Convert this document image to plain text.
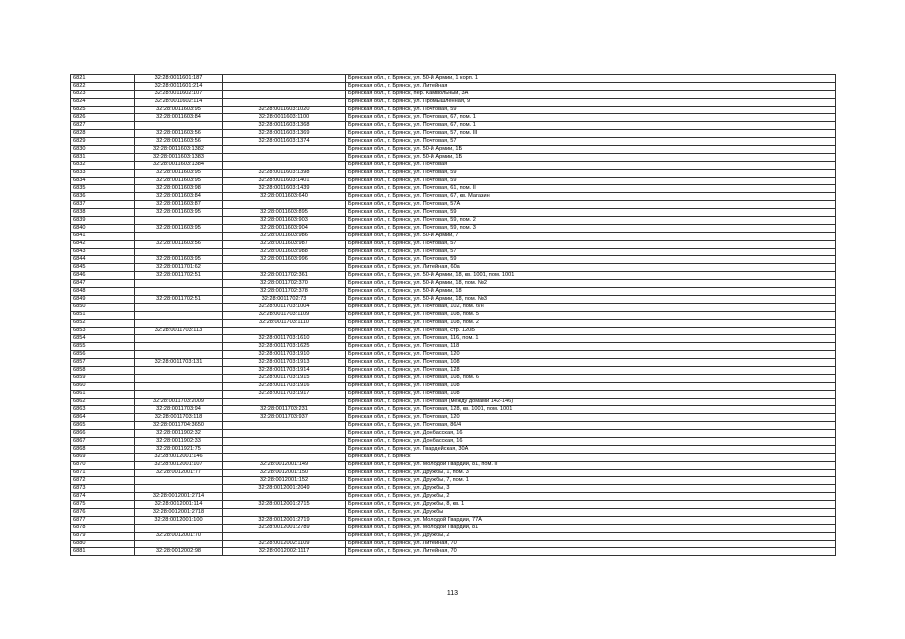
6821	32:28:0011601:187		Брянская обл., г. Брянск, ул. 50-й Армии, 1 корп. 1
6822	32:28:0011601:214		Брянская обл., г. Брянск, ул. Литейная
6823	32:28:0011602:107		Брянская обл., г. Брянск, пер. Камвольный, 3А
6824	32:28:0011602:114		Брянская обл., г. Брянск, ул. Промышленная, 9
6825	32:28:0011603:95	32:28:0011603:1020	Брянская обл., г. Брянск, ул. Почтовая, 59
6826	32:28:0011603:84	32:28:0011603:1100	Брянская обл., г. Брянск, ул. Почтовая, 67, пом. 1
6827		32:28:0011603:1368	Брянская обл., г. Брянск, ул. Почтовая, 67, пом. 1
6828	32:28:0011603:56	32:28:0011603:1369	Брянская обл., г. Брянск, ул. Почтовая, 57, пом. III
6829	32:28:0011603:56	32:28:0011603:1374	Брянская обл., г. Брянск, ул. Почтовая, 57
6830	32:28:0011603:1382		Брянская обл., г. Брянск, ул. 50-й Армии, 1Б
6831	32:28:0011603:1383		Брянская обл., г. Брянск, ул. 50-й Армии, 1Б
6832	32:28:0011603:1384		Брянская обл., г. Брянск, ул. Почтовая
6833	32:28:0011603:95	32:28:0011603:1398	Брянская обл., г. Брянск, ул. Почтовая, 59
6834	32:28:0011603:95	32:28:0011603:1401	Брянская обл., г. Брянск, ул. Почтовая, 59
6835	32:28:0011603:98	32:28:0011603:1439	Брянская обл., г. Брянск, ул. Почтовая, 61, пом. II
6836	32:28:0011603:84	32:28:0011603:640	Брянская обл., г. Брянск, ул. Почтовая, 67, кв. Магазин
6837	32:28:0011603:87		Брянская обл., г. Брянск, ул. Почтовая, 57А
6838	32:28:0011603:95	32:28:0011603:895	Брянская обл., г. Брянск, ул. Почтовая, 59
6839		32:28:0011603:903	Брянская обл., г. Брянск, ул. Почтовая, 59, пом. 2
6840	32:28:0011603:95	32:28:0011603:904	Брянская обл., г. Брянск, ул. Почтовая, 59, пом. 3
6841		32:28:0011603:986	Брянская обл., г. Брянск, ул. 50-й Армии, 7
6842	32:28:0011603:56	32:28:0011603:987	Брянская обл., г. Брянск, ул. Почтовая, 57
6843		32:28:0011603:988	Брянская обл., г. Брянск, ул. Почтовая, 57
6844	32:28:0011603:95	32:28:0011603:996	Брянская обл., г. Брянск, ул. Почтовая, 59
6845	32:28:0011701:62		Брянская обл., г. Брянск, ул. Литейная, 60а
6846	32:28:0011702:51	32:28:0011702:361	Брянская обл., г. Брянск, ул. 50-й Армии, 18, кв. 1001, пом. 1001
6847		32:28:0011702:370	Брянская обл., г. Брянск, ул. 50-й Армии, 18, пом. №2
6848		32:28:0011702:378	Брянская обл., г. Брянск, ул. 50-й Армии, 18
6849	32:28:0011702:51	32:28:0011702:73	Брянская обл., г. Брянск, ул. 50-й Армии, 18, пом. №3
6850		32:28:0011703:1004	Брянская обл., г. Брянск, ул. Почтовая, 102, пом. б/н
6851		32:28:0011703:1109	Брянская обл., г. Брянск, ул. Почтовая, 108, пом. 5
6852		32:28:0011703:1110	Брянская обл., г. Брянск, ул. Почтовая, 108, пом. 2
6853	32:28:0011703:113		Брянская обл., г. Брянск, ул. Почтовая, стр. 120Б
6854		32:28:0011703:1610	Брянская обл., г. Брянск, ул. Почтовая, 116, пом. 1
6855		32:28:0011703:1625	Брянская обл., г. Брянск, ул. Почтовая, 118
6856		32:28:0011703:1910	Брянская обл., г. Брянск, ул. Почтовая, 120
6857	32:28:0011703:131	32:28:0011703:1913	Брянская обл., г. Брянск, ул. Почтовая, 108
6858		32:28:0011703:1914	Брянская обл., г. Брянск, ул. Почтовая, 128
6859		32:28:0011703:1915	Брянская обл., г. Брянск, ул. Почтовая, 108, пом. 6
6860		32:28:0011703:1916	Брянская обл., г. Брянск, ул. Почтовая, 108
6861		32:28:0011703:1917	Брянская обл., г. Брянск, ул. Почтовая, 108
6862	32:28:0011703:2009		Брянская обл., г. Брянск, ул. Почтовая (между домами 142-146)
6863	32:28:0011703:94	32:28:0011703:231	Брянская обл., г. Брянск, ул. Почтовая, 128, кв. 1001, пом. 1001
6864	32:28:0011703:118	32:28:0011703:937	Брянская обл., г. Брянск, ул. Почтовая, 120
6865	32:28:0011704:3650		Брянская обл., г. Брянск, ул. Почтовая, 86/4
6866	32:28:0011902:32		Брянская обл., г. Брянск, ул. Донбасская, 16
6867	32:28:0011902:33		Брянская обл., г. Брянск, ул. Донбасская, 16
6868	32:28:0011921:75		Брянская обл., г. Брянск, ул. Гвардейская, 30А
6869	32:28:0012001:146		Брянская обл., г. Брянск
6870	32:28:0012001:107	32:28:0012001:149	Брянская обл., г. Брянск, ул. Молодой Гвардии, 81, пом. II
6871	32:28:0012001:77	32:28:0012001:150	Брянская обл., г. Брянск, ул. Дружбы, 1, пом. 3
6872		32:28:0012001:152	Брянская обл., г. Брянск, ул. Дружбы, 7, пом. 1
6873		32:28:0012001:2049	Брянская обл., г. Брянск, ул. Дружбы, 3
6874	32:28:0012001:2714		Брянская обл., г. Брянск, ул. Дружбы, 2
6875	32:28:0012001:114	32:28:0012001:2715	Брянская обл., г. Брянск, ул. Дружбы, 8, кв. 1
6876	32:28:0012001:2718		Брянская обл., г. Брянск, ул. Дружбы
6877	32:28:0012001:100	32:28:0012001:2719	Брянская обл., г. Брянск, ул. Молодой Гвардии, 77А
6878		32:28:0012001:2789	Брянская обл., г. Брянск, ул. Молодой Гвардии, 81
6879	32:28:0012001:70		Брянская обл., г. Брянск, ул. Дружбы, 2
6880		32:28:0012002:1109	Брянская обл., г. Брянск, ул. Литейная, 70
6881	32:28:0012002:98	32:28:0012002:1117	Брянская обл., г. Брянск, ул. Литейная, 70
113
